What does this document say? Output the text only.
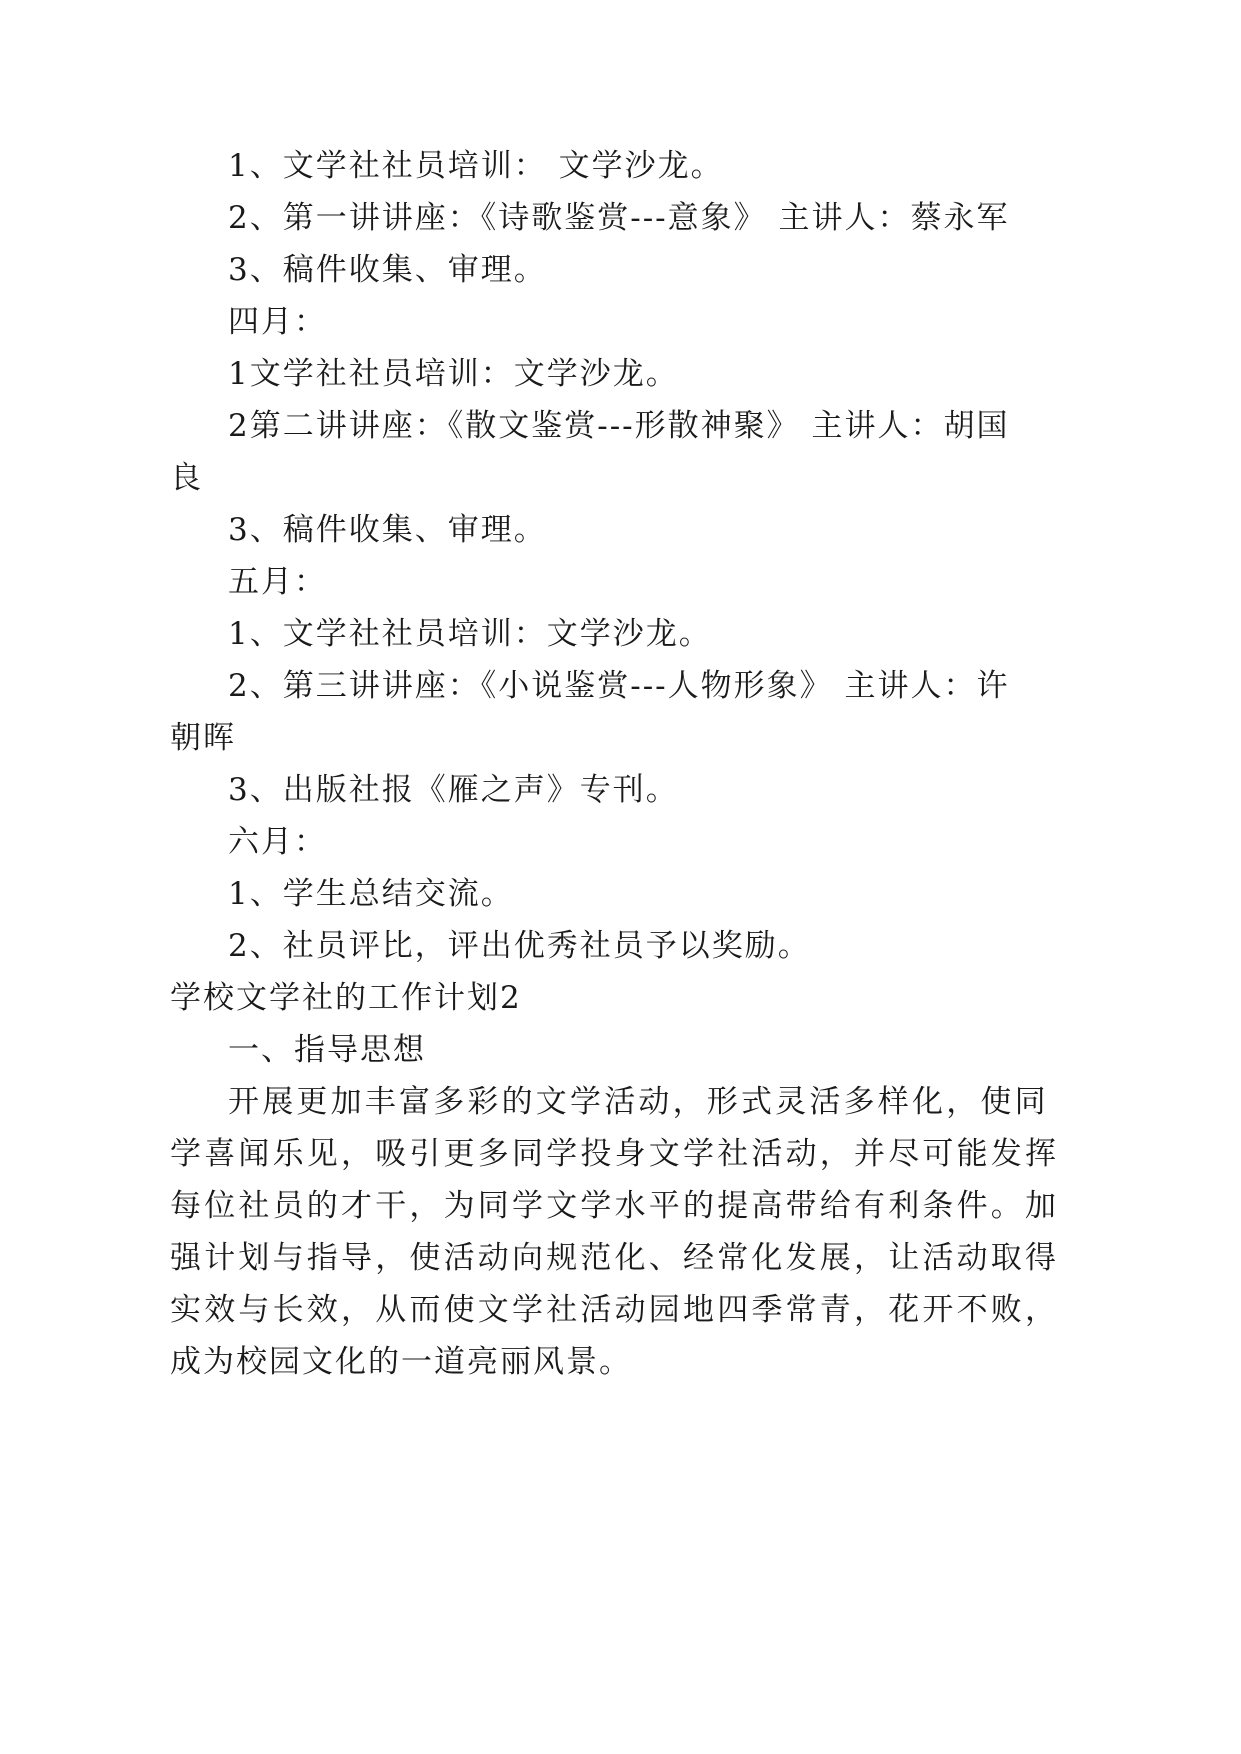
1、文学社社员培训： 文学沙龙。
2、第一讲讲座：《诗歌鉴赏---意象》 主讲人：蔡永军
3、稿件收集、审理。
四月：
1文学社社员培训：文学沙龙。
2第二讲讲座：《散文鉴赏---形散神聚》 主讲人：胡国
良
3、稿件收集、审理。
五月：
1、文学社社员培训：文学沙龙。
2、第三讲讲座：《小说鉴赏---人物形象》 主讲人：许
朝晖
3、出版社报《雁之声》专刊。
六月：
1、学生总结交流。
2、社员评比，评出优秀社员予以奖励。
学校文学社的工作计划2
一、指导思想
开展更加丰富多彩的文学活动，形式灵活多样化，使同
学喜闻乐见，吸引更多同学投身文学社活动，并尽可能发挥
每位社员的才干，为同学文学水平的提高带给有利条件。加
强计划与指导，使活动向规范化、经常化发展，让活动取得
实效与长效，从而使文学社活动园地四季常青，花开不败，
成为校园文化的一道亮丽风景。
